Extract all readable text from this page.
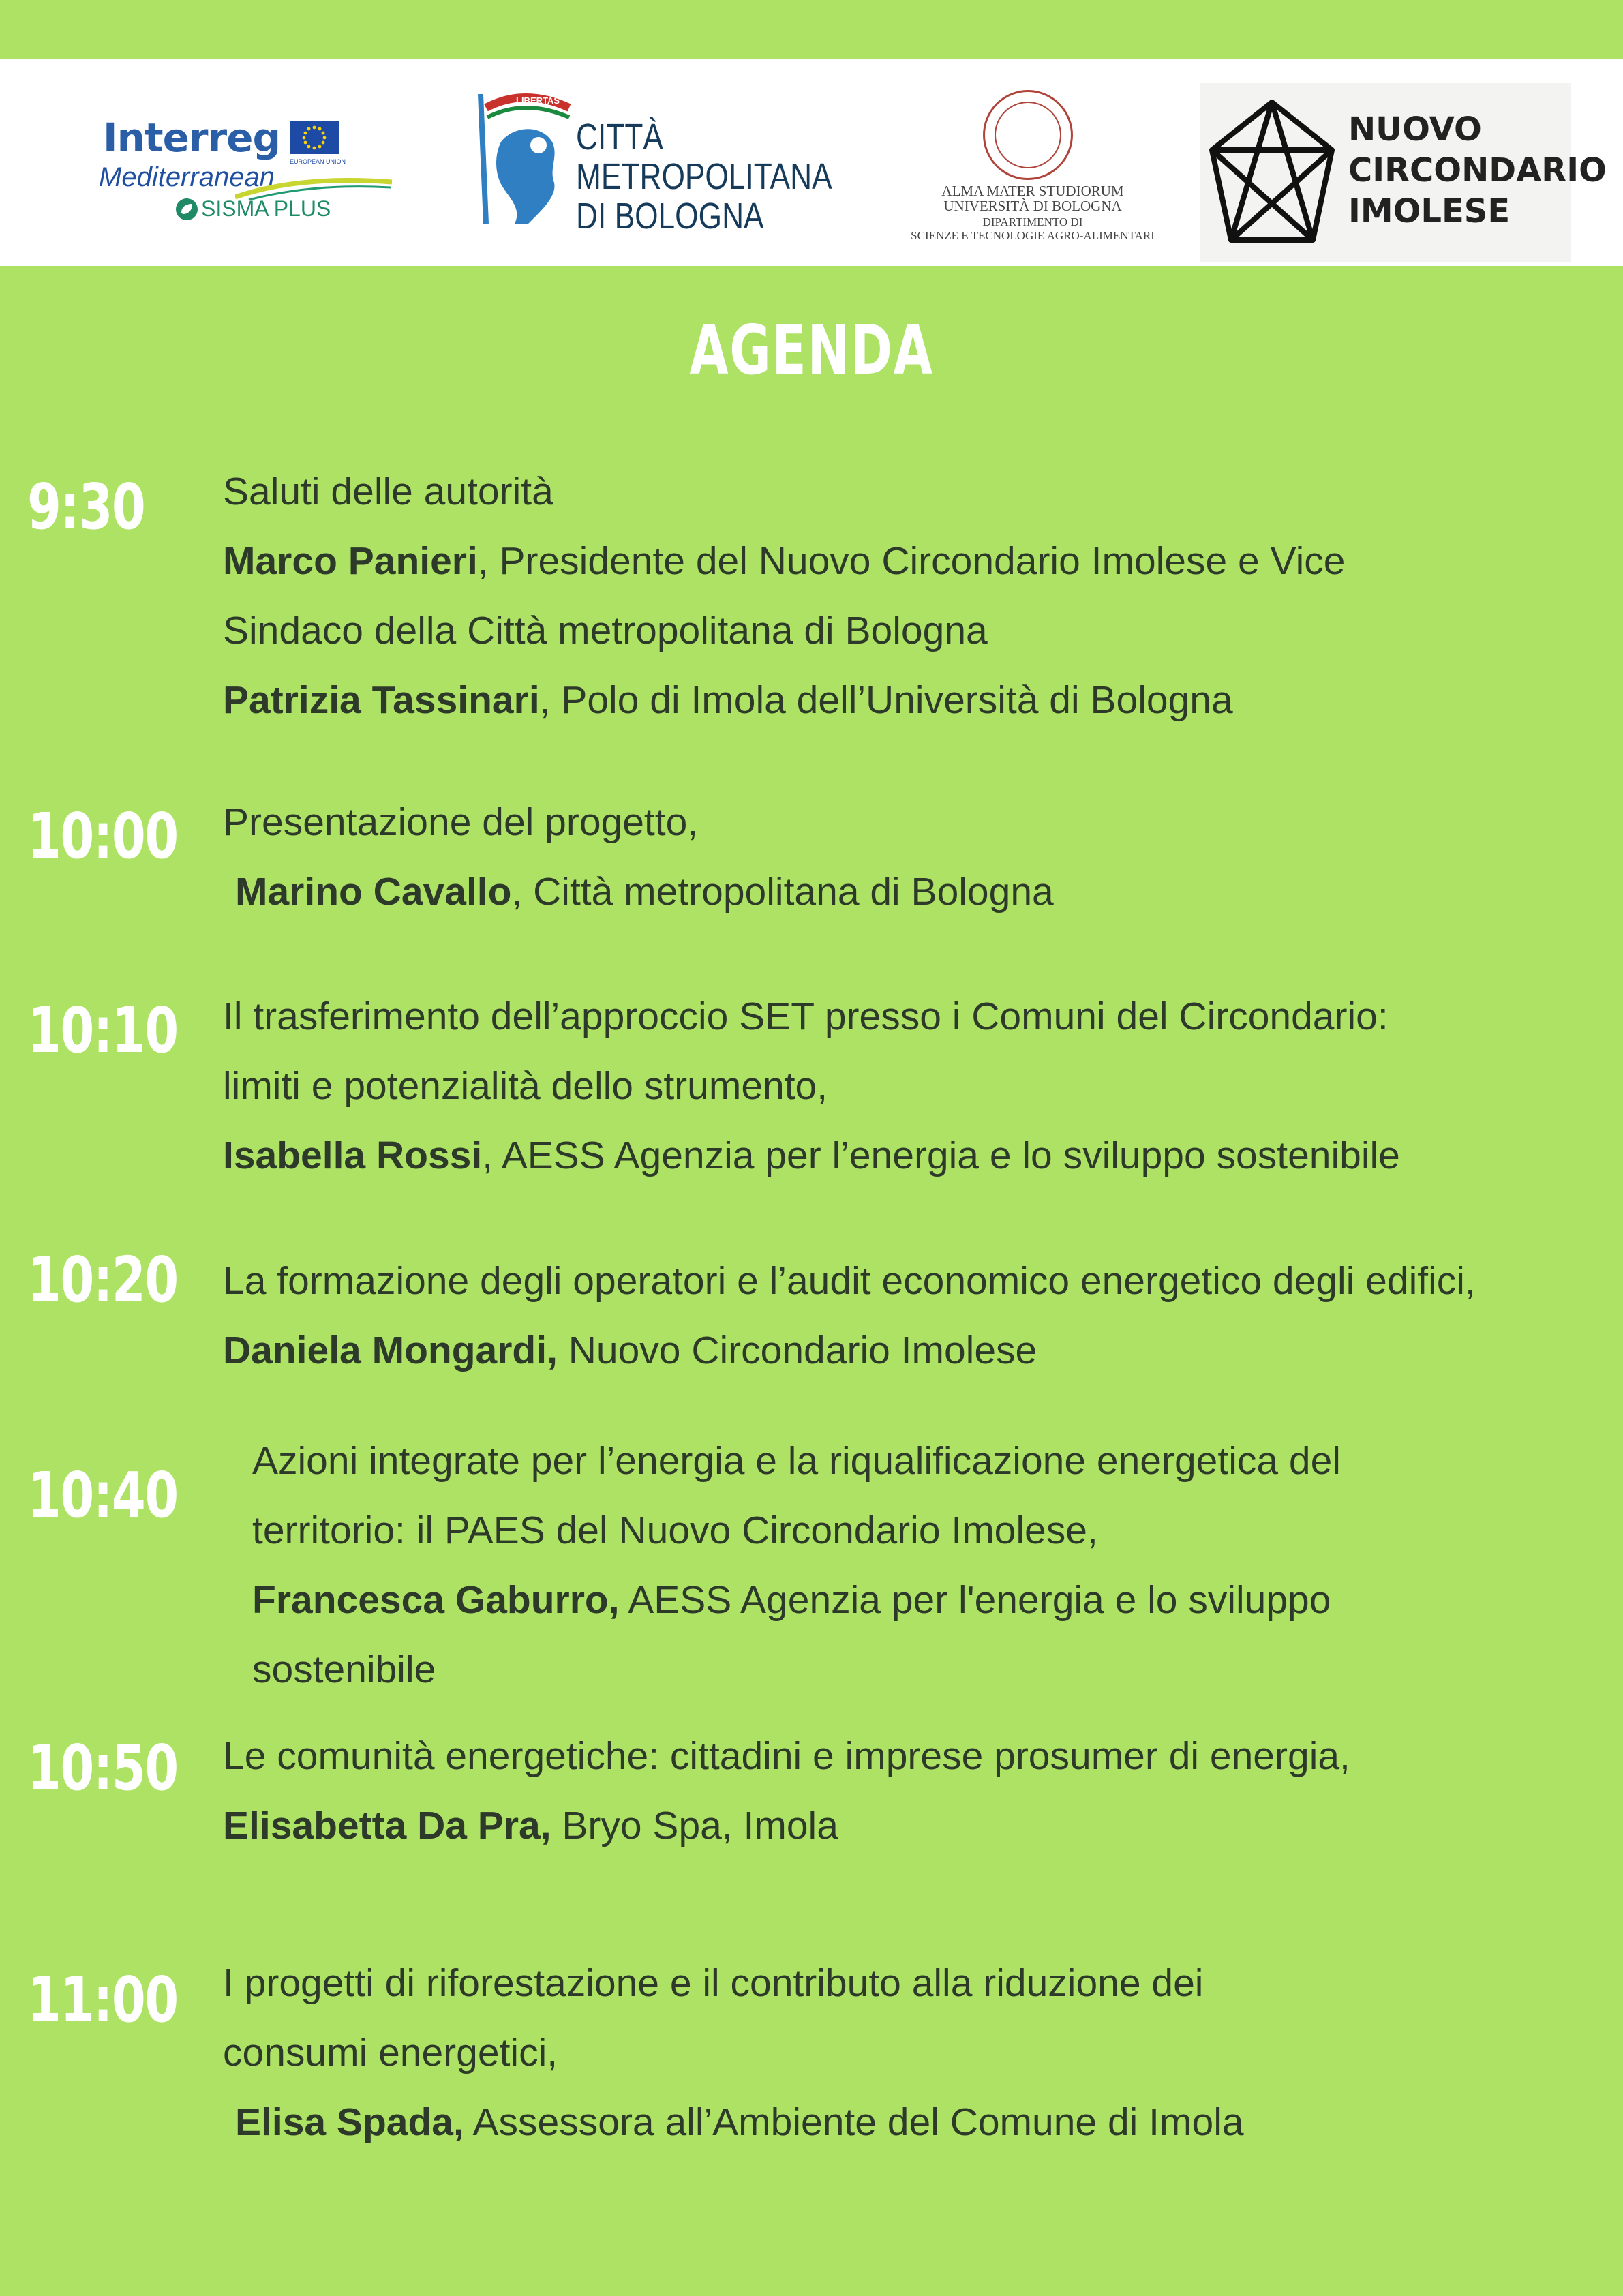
Interreg
EUROPEAN UNION
Mediterranean
SISMA PLUS
LIBERTAS
CITTÀ
METROPOLITANA
DI BOLOGNA
ALMA MATER STUDIORUM
UNIVERSITÀ DI BOLOGNA
DIPARTIMENTO DI
SCIENZE E TECNOLOGIE AGRO-ALIMENTARI
NUOVO
CIRCONDARIO
IMOLESE
AGENDA
9:30 Saluti delle autorità
Marco Panieri, Presidente del Nuovo Circondario Imolese e Vice
Sindaco della Città metropolitana di Bologna
Patrizia Tassinari, Polo di Imola dell’Università di Bologna
10:00 Presentazione del progetto,
Marino Cavallo, Città metropolitana di Bologna
10:10 Il trasferimento dell’approccio SET presso i Comuni del Circondario:
limiti e potenzialità dello strumento,
Isabella Rossi, AESS Agenzia per l’energia e lo sviluppo sostenibile
10:20 La formazione degli operatori e l’audit economico energetico degli edifici,
Daniela Mongardi, Nuovo Circondario Imolese
10:40 Azioni integrate per l’energia e la riqualificazione energetica del
territorio: il PAES del Nuovo Circondario Imolese,
Francesca Gaburro, AESS Agenzia per l'energia e lo sviluppo
sostenibile
10:50 Le comunità energetiche: cittadini e imprese prosumer di energia,
Elisabetta Da Pra, Bryo Spa, Imola
11:00 I progetti di riforestazione e il contributo alla riduzione dei
consumi energetici,
Elisa Spada, Assessora all’Ambiente del Comune di Imola
